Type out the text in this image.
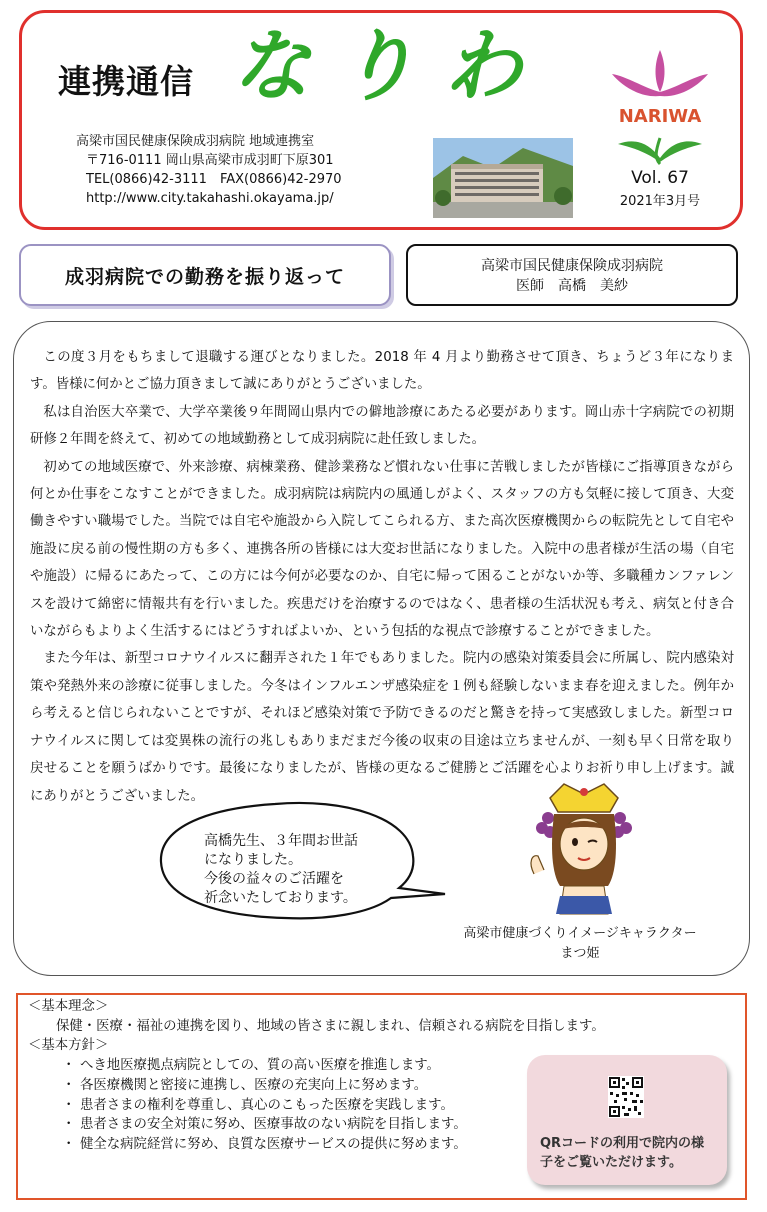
連携通信 なりわ
高梁市国民健康保険成羽病院 地域連携室
〒716-0111 岡山県高梁市成羽町下原301
TEL(0866)42-3111　FAX(0866)42-2970
http://www.city.takahashi.okayama.jp/
NARIWA
Vol. 67
2021年3月号
成羽病院での勤務を振り返って	高梁市国民健康保険成羽病院
医師　高橋　美紗

この度３月をもちまして退職する運びとなりました。2018 年 4 月より勤務させて頂き、ちょうど３年になります。皆様に何かとご協力頂きまして誠にありがとうございました。

私は自治医大卒業で、大学卒業後９年間岡山県内での僻地診療にあたる必要があります。岡山赤十字病院での初期研修２年間を終えて、初めての地域勤務として成羽病院に赴任致しました。

初めての地域医療で、外来診療、病棟業務、健診業務など慣れない仕事に苦戦しましたが皆様にご指導頂きながら何とか仕事をこなすことができました。成羽病院は病院内の風通しがよく、スタッフの方も気軽に接して頂き、大変働きやすい職場でした。当院では自宅や施設から入院してこられる方、また高次医療機関からの転院先として自宅や施設に戻る前の慢性期の方も多く、連携各所の皆様には大変お世話になりました。入院中の患者様が生活の場（自宅や施設）に帰るにあたって、この方には今何が必要なのか、自宅に帰って困ることがないか等、多職種カンファレンスを設けて綿密に情報共有を行いました。疾患だけを治療するのではなく、患者様の生活状況も考え、病気と付き合いながらもよりよく生活するにはどうすればよいか、という包括的な視点で診療することができました。

また今年は、新型コロナウイルスに翻弄された１年でもありました。院内の感染対策委員会に所属し、院内感染対策や発熱外来の診療に従事しました。今冬はインフルエンザ感染症を１例も経験しないまま春を迎えました。例年から考えると信じられないことですが、それほど感染対策で予防できるのだと驚きを持って実感致しました。新型コロナウイルスに関しては変異株の流行の兆しもありまだまだ今後の収束の目途は立ちませんが、一刻も早く日常を取り戻せることを願うばかりです。最後になりましたが、皆様の更なるご健勝とご活躍を心よりお祈り申し上げます。誠にありがとうございました。

高橋先生、３年間お世話
になりました。
今後の益々のご活躍を
祈念いたしております。
高梁市健康づくりイメージキャラクター
まつ姫
＜基本理念＞
保健・医療・福祉の連携を図り、地域の皆さまに親しまれ、信頼される病院を目指します。
＜基本方針＞
・ へき地医療拠点病院としての、質の高い医療を推進します。
・ 各医療機関と密接に連携し、医療の充実向上に努めます。
・ 患者さまの権利を尊重し、真心のこもった医療を実践します。
・ 患者さまの安全対策に努め、医療事故のない病院を目指します。
・ 健全な病院経営に努め、良質な医療サービスの提供に努めます。	QRコードの利用で院内の様
子をご覧いただけます。
